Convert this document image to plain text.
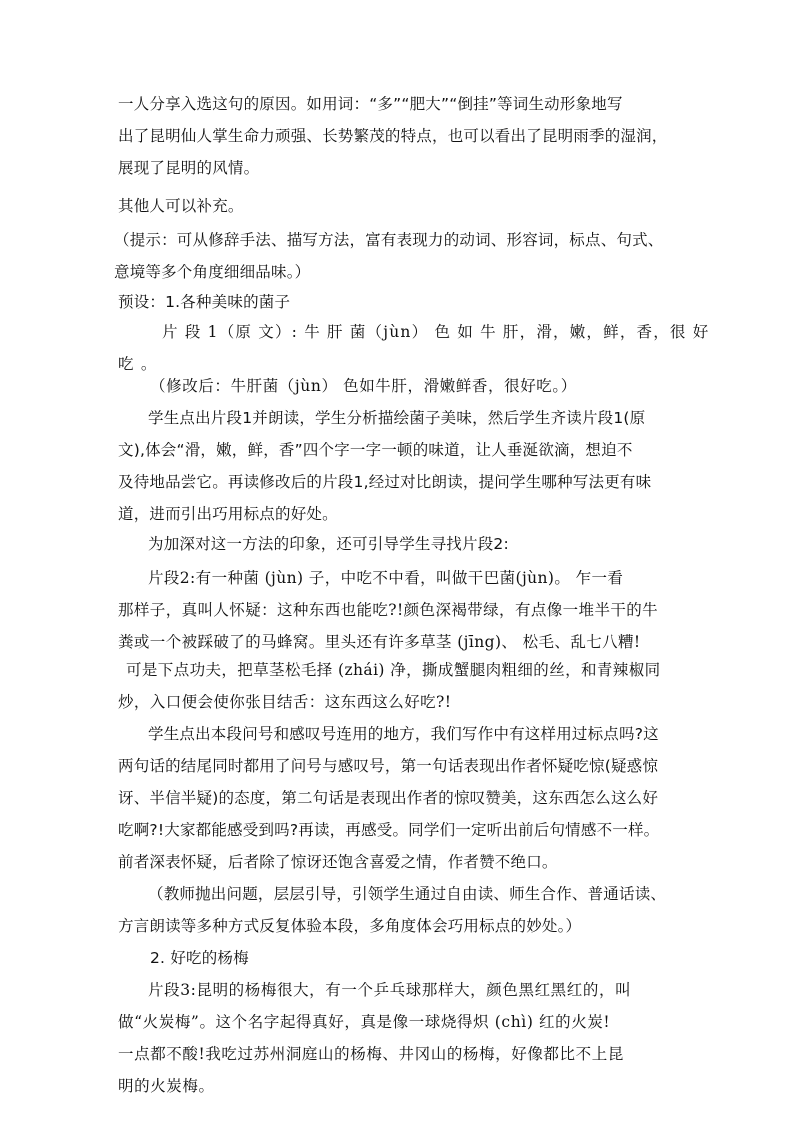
一人分享入选这句的原因。如用词：“多”“肥大”“倒挂”等词生动形象地写
出了昆明仙人掌生命力顽强、长势繁茂的特点，也可以看出了昆明雨季的湿润，
展现了昆明的风情。
其他人可以补充。
（提示：可从修辞手法、描写方法，富有表现力的动词、形容词，标点、句式、
意境等多个角度细细品味。）
预设：1.各种美味的菌子
片 段 1（原 文）: 牛 肝 菌（jùn） 色 如 牛 肝，滑，嫩，鲜，香，很 好
吃 。
（修改后：牛肝菌（jùn） 色如牛肝，滑嫩鲜香，很好吃。）
学生点出片段1并朗读，学生分析描绘菌子美味，然后学生齐读片段1(原
文),体会“滑，嫩，鲜，香”四个字一字一顿的味道，让人垂涎欲滴，想迫不
及待地品尝它。再读修改后的片段1,经过对比朗读，提问学生哪种写法更有味
道，进而引出巧用标点的好处。
为加深对这一方法的印象，还可引导学生寻找片段2:
片段2:有一种菌 (jùn) 子，中吃不中看，叫做干巴菌(jùn)。 乍一看
那样子，真叫人怀疑：这种东西也能吃?!颜色深褐带绿，有点像一堆半干的牛
粪或一个被踩破了的马蜂窝。里头还有许多草茎 (jīng)、 松毛、乱七八糟!
可是下点功夫，把草茎松毛择 (zhái) 净，撕成蟹腿肉粗细的丝，和青辣椒同
炒，入口便会使你张目结舌：这东西这么好吃?!
学生点出本段问号和感叹号连用的地方，我们写作中有这样用过标点吗?这
两句话的结尾同时都用了问号与感叹号，第一句话表现出作者怀疑吃惊(疑惑惊
讶、半信半疑)的态度，第二句话是表现出作者的惊叹赞美，这东西怎么这么好
吃啊?!大家都能感受到吗?再读，再感受。同学们一定听出前后句情感不一样。
前者深表怀疑，后者除了惊讶还饱含喜爱之情，作者赞不绝口。
（教师抛出问题，层层引导，引领学生通过自由读、师生合作、普通话读、
方言朗读等多种方式反复体验本段，多角度体会巧用标点的妙处。）
2. 好吃的杨梅
片段3:昆明的杨梅很大，有一个乒乓球那样大，颜色黑红黑红的，叫
做“火炭梅”。这个名字起得真好，真是像一球烧得炽 (chì) 红的火炭!
一点都不酸!我吃过苏州洞庭山的杨梅、井冈山的杨梅，好像都比不上昆
明的火炭梅。
